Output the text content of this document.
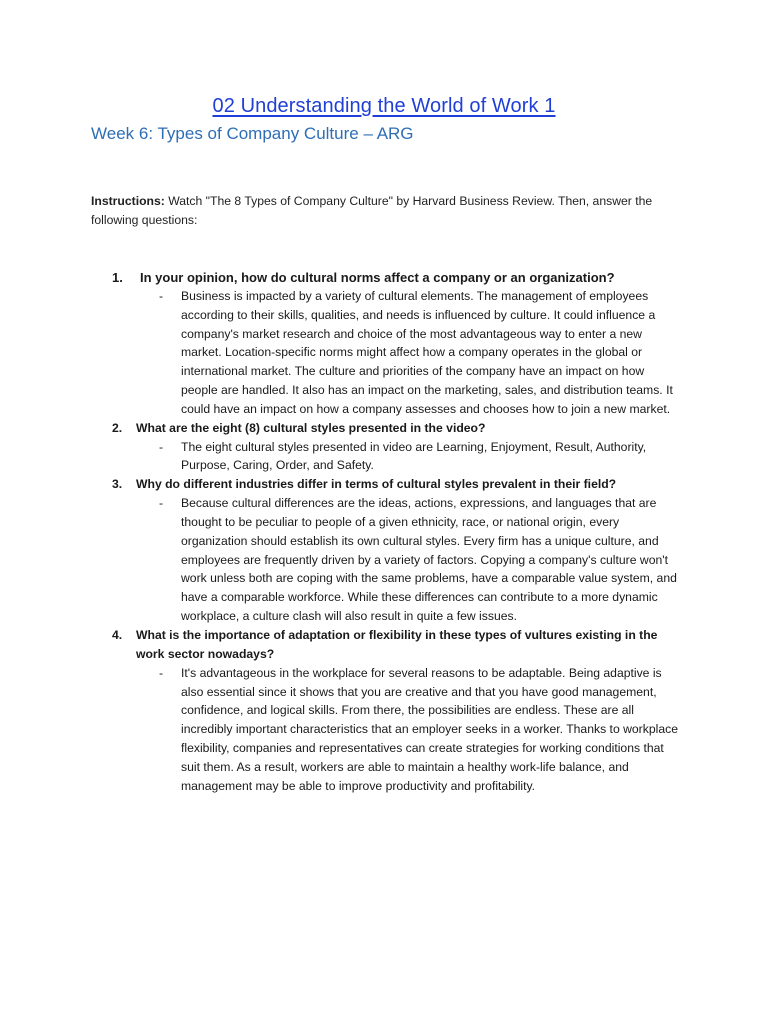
02 Understanding the World of Work 1
Week 6: Types of Company Culture – ARG
Instructions: Watch "The 8 Types of Company Culture" by Harvard Business Review. Then, answer the following questions:
1. In your opinion, how do cultural norms affect a company or an organization?
- Business is impacted by a variety of cultural elements. The management of employees according to their skills, qualities, and needs is influenced by culture. It could influence a company's market research and choice of the most advantageous way to enter a new market. Location-specific norms might affect how a company operates in the global or international market. The culture and priorities of the company have an impact on how people are handled. It also has an impact on the marketing, sales, and distribution teams. It could have an impact on how a company assesses and chooses how to join a new market.
2. What are the eight (8) cultural styles presented in the video?
- The eight cultural styles presented in video are Learning, Enjoyment, Result, Authority, Purpose, Caring, Order, and Safety.
3. Why do different industries differ in terms of cultural styles prevalent in their field?
- Because cultural differences are the ideas, actions, expressions, and languages that are thought to be peculiar to people of a given ethnicity, race, or national origin, every organization should establish its own cultural styles. Every firm has a unique culture, and employees are frequently driven by a variety of factors. Copying a company's culture won't work unless both are coping with the same problems, have a comparable value system, and have a comparable workforce. While these differences can contribute to a more dynamic workplace, a culture clash will also result in quite a few issues.
4. What is the importance of adaptation or flexibility in these types of vultures existing in the work sector nowadays?
- It's advantageous in the workplace for several reasons to be adaptable. Being adaptive is also essential since it shows that you are creative and that you have good management, confidence, and logical skills. From there, the possibilities are endless. These are all incredibly important characteristics that an employer seeks in a worker. Thanks to workplace flexibility, companies and representatives can create strategies for working conditions that suit them. As a result, workers are able to maintain a healthy work-life balance, and management may be able to improve productivity and profitability.
